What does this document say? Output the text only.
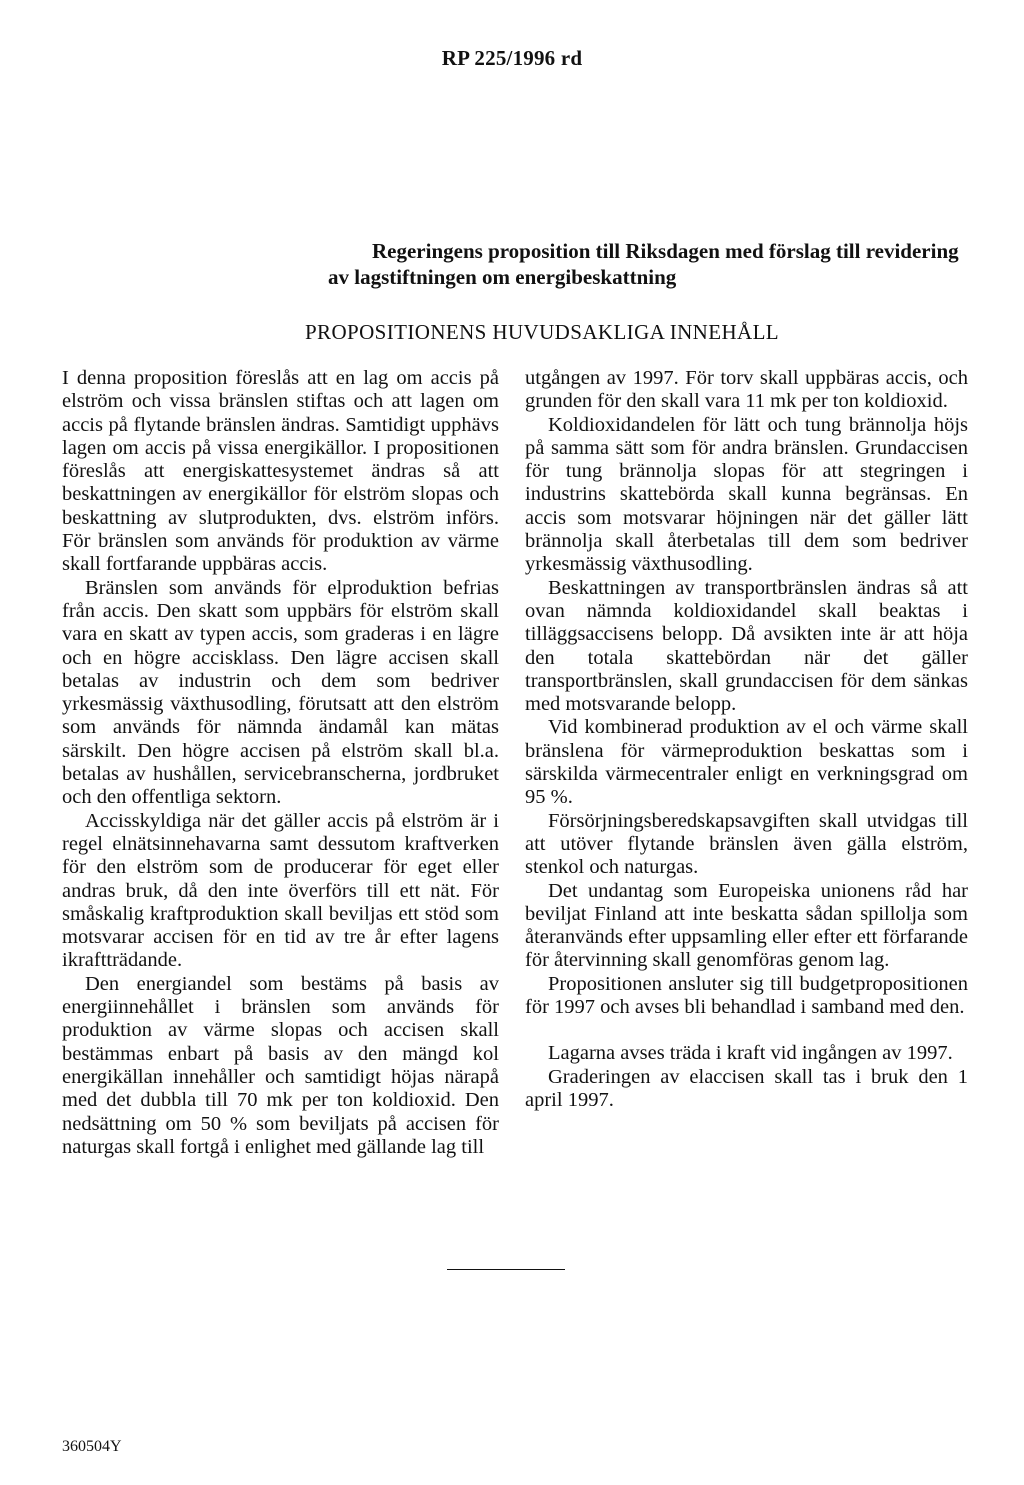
RP 225/1996 rd
Regeringens proposition till Riksdagen med förslag till revidering av lagstiftningen om energibeskattning
PROPOSITIONENS HUVUDSAKLIGA INNEHÅLL

I denna proposition föreslås att en lag om accis på elström och vissa bränslen stiftas och att lagen om accis på flytande bränslen ändras. Samtidigt upphävs lagen om accis på vissa energikällor. I propositionen föreslås att energiskattesystemet ändras så att beskattningen av energikällor för elström slopas och beskattning av slutprodukten, dvs. elström införs. För bränslen som används för produktion av värme skall fortfarande uppbäras accis.

Bränslen som används för elproduktion befrias från accis. Den skatt som uppbärs för elström skall vara en skatt av typen accis, som graderas i en lägre och en högre accisklass. Den lägre accisen skall betalas av industrin och dem som bedriver yrkesmässig växthusodling, förutsatt att den elström som används för nämnda ändamål kan mätas särskilt. Den högre accisen på elström skall bl.a. betalas av hushållen, servicebranscherna, jordbruket och den offentliga sektorn.

Accisskyldiga när det gäller accis på elström är i regel elnätsinnehavarna samt dessutom kraftverken för den elström som de producerar för eget eller andras bruk, då den inte överförs till ett nät. För småskalig kraftproduktion skall beviljas ett stöd som motsvarar accisen för en tid av tre år efter lagens ikraftträdande.

Den energiandel som bestäms på basis av energiinnehållet i bränslen som används för produktion av värme slopas och accisen skall bestämmas enbart på basis av den mängd kol energikällan innehåller och samtidigt höjas närapå med det dubbla till 70 mk per ton koldioxid. Den nedsättning om 50 % som beviljats på accisen för naturgas skall fortgå i enlighet med gällande lag till

utgången av 1997. För torv skall uppbäras accis, och grunden för den skall vara 11 mk per ton koldioxid.

Koldioxidandelen för lätt och tung brännolja höjs på samma sätt som för andra bränslen. Grundaccisen för tung brännolja slopas för att stegringen i industrins skattebörda skall kunna begränsas. En accis som motsvarar höjningen när det gäller lätt brännolja skall återbetalas till dem som bedriver yrkesmässig växthusodling.

Beskattningen av transportbränslen ändras så att ovan nämnda koldioxidandel skall beaktas i tilläggsaccisens belopp. Då avsikten inte är att höja den totala skattebördan när det gäller transportbränslen, skall grundaccisen för dem sänkas med motsvarande belopp.

Vid kombinerad produktion av el och värme skall bränslena för värmeproduktion beskattas som i särskilda värmecentraler enligt en verkningsgrad om 95 %.

Försörjningsberedskapsavgiften skall utvidgas till att utöver flytande bränslen även gälla elström, stenkol och naturgas.

Det undantag som Europeiska unionens råd har beviljat Finland att inte beskatta sådan spillolja som återanvänds efter uppsamling eller efter ett förfarande för återvinning skall genomföras genom lag.

Propositionen ansluter sig till budgetpropositionen för 1997 och avses bli behandlad i samband med den.

Lagarna avses träda i kraft vid ingången av 1997.

Graderingen av elaccisen skall tas i bruk den 1 april 1997.

360504Y
